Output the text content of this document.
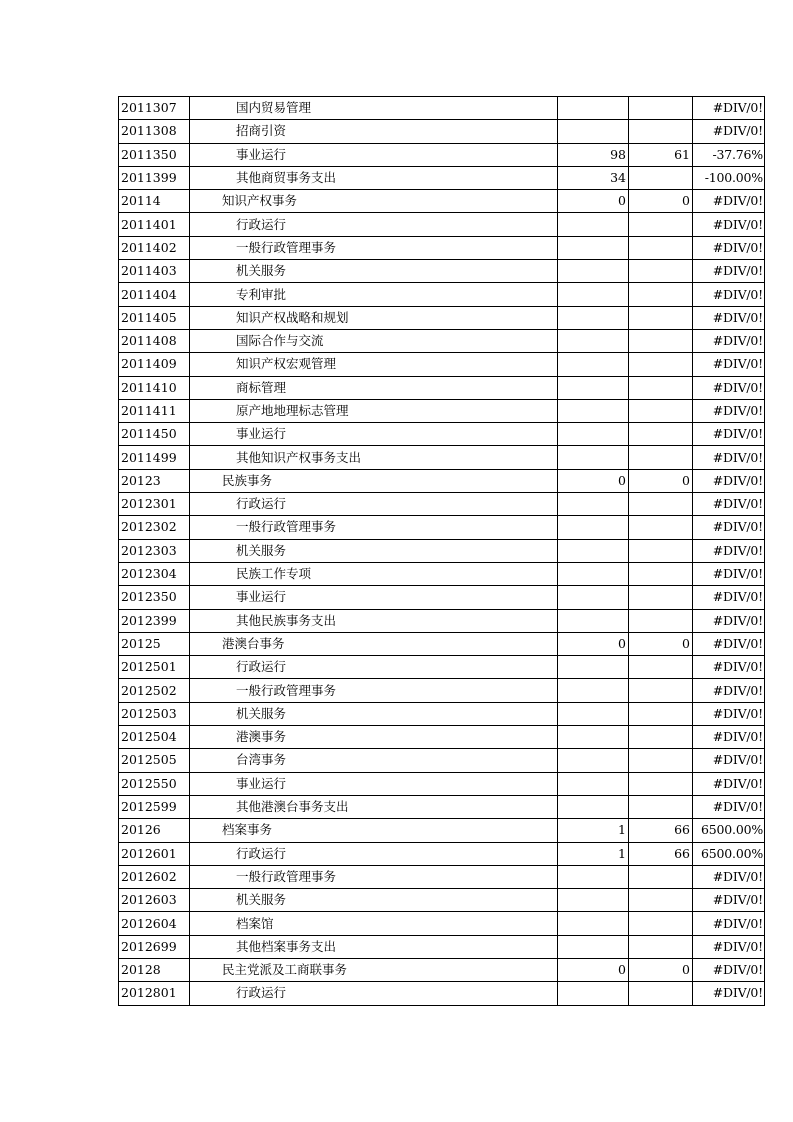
2011307	国内贸易管理			#DIV/0!
2011308	招商引资			#DIV/0!
2011350	事业运行	98	61	-37.76%
2011399	其他商贸事务支出	34		-100.00%
20114	知识产权事务	0	0	#DIV/0!
2011401	行政运行			#DIV/0!
2011402	一般行政管理事务			#DIV/0!
2011403	机关服务			#DIV/0!
2011404	专利审批			#DIV/0!
2011405	知识产权战略和规划			#DIV/0!
2011408	国际合作与交流			#DIV/0!
2011409	知识产权宏观管理			#DIV/0!
2011410	商标管理			#DIV/0!
2011411	原产地地理标志管理			#DIV/0!
2011450	事业运行			#DIV/0!
2011499	其他知识产权事务支出			#DIV/0!
20123	民族事务	0	0	#DIV/0!
2012301	行政运行			#DIV/0!
2012302	一般行政管理事务			#DIV/0!
2012303	机关服务			#DIV/0!
2012304	民族工作专项			#DIV/0!
2012350	事业运行			#DIV/0!
2012399	其他民族事务支出			#DIV/0!
20125	港澳台事务	0	0	#DIV/0!
2012501	行政运行			#DIV/0!
2012502	一般行政管理事务			#DIV/0!
2012503	机关服务			#DIV/0!
2012504	港澳事务			#DIV/0!
2012505	台湾事务			#DIV/0!
2012550	事业运行			#DIV/0!
2012599	其他港澳台事务支出			#DIV/0!
20126	档案事务	1	66	6500.00%
2012601	行政运行	1	66	6500.00%
2012602	一般行政管理事务			#DIV/0!
2012603	机关服务			#DIV/0!
2012604	档案馆			#DIV/0!
2012699	其他档案事务支出			#DIV/0!
20128	民主党派及工商联事务	0	0	#DIV/0!
2012801	行政运行			#DIV/0!
